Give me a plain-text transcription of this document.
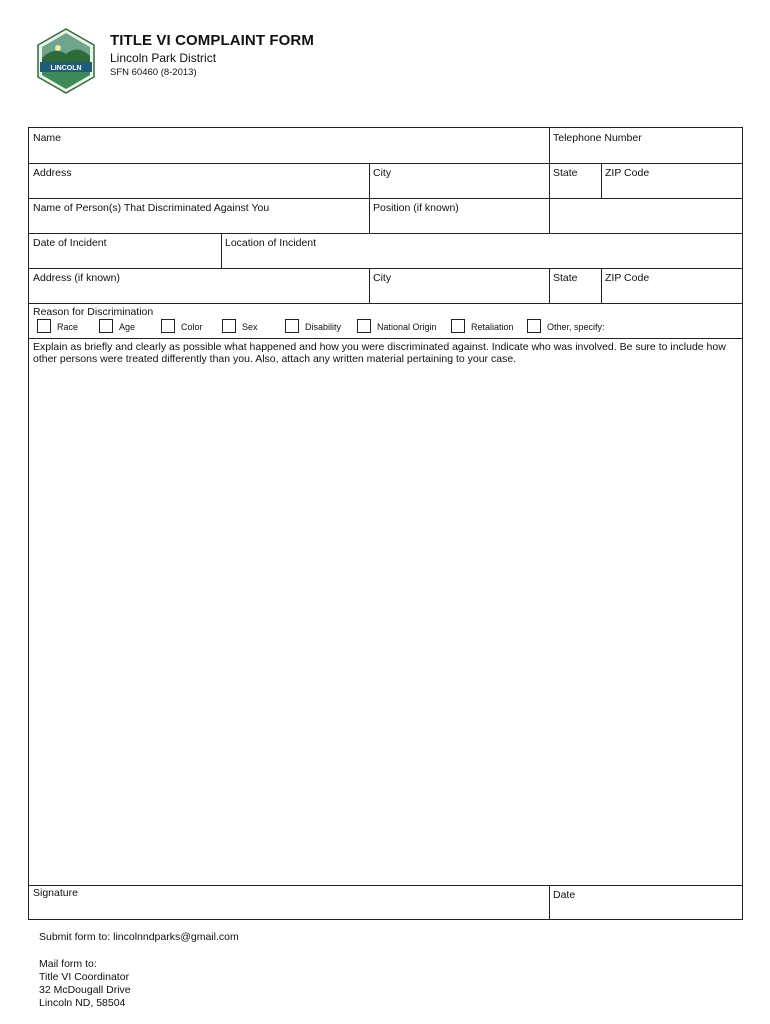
LINCOLN
TITLE VI COMPLAINT FORM
Lincoln Park District
SFN 60460 (8-2013)
Name	Telephone Number
Address	City	State	ZIP Code
Name of Person(s) That Discriminated Against You	Position (if known)
Date of Incident	Location of Incident
Address (if known)	City	State	ZIP Code
Reason for Discrimination
Race	Age	Color	Sex	Disability	National Origin	Retaliation	Other, specify:
Explain as briefly and clearly as possible what happened and how you were discriminated against. Indicate who was involved. Be sure to include how other persons were treated differently than you. Also, attach any written material pertaining to your case.
Signature	Date
Submit form to: lincolnndparks@gmail.com
Mail form to:
Title VI Coordinator
32 McDougall Drive
Lincoln ND, 58504
